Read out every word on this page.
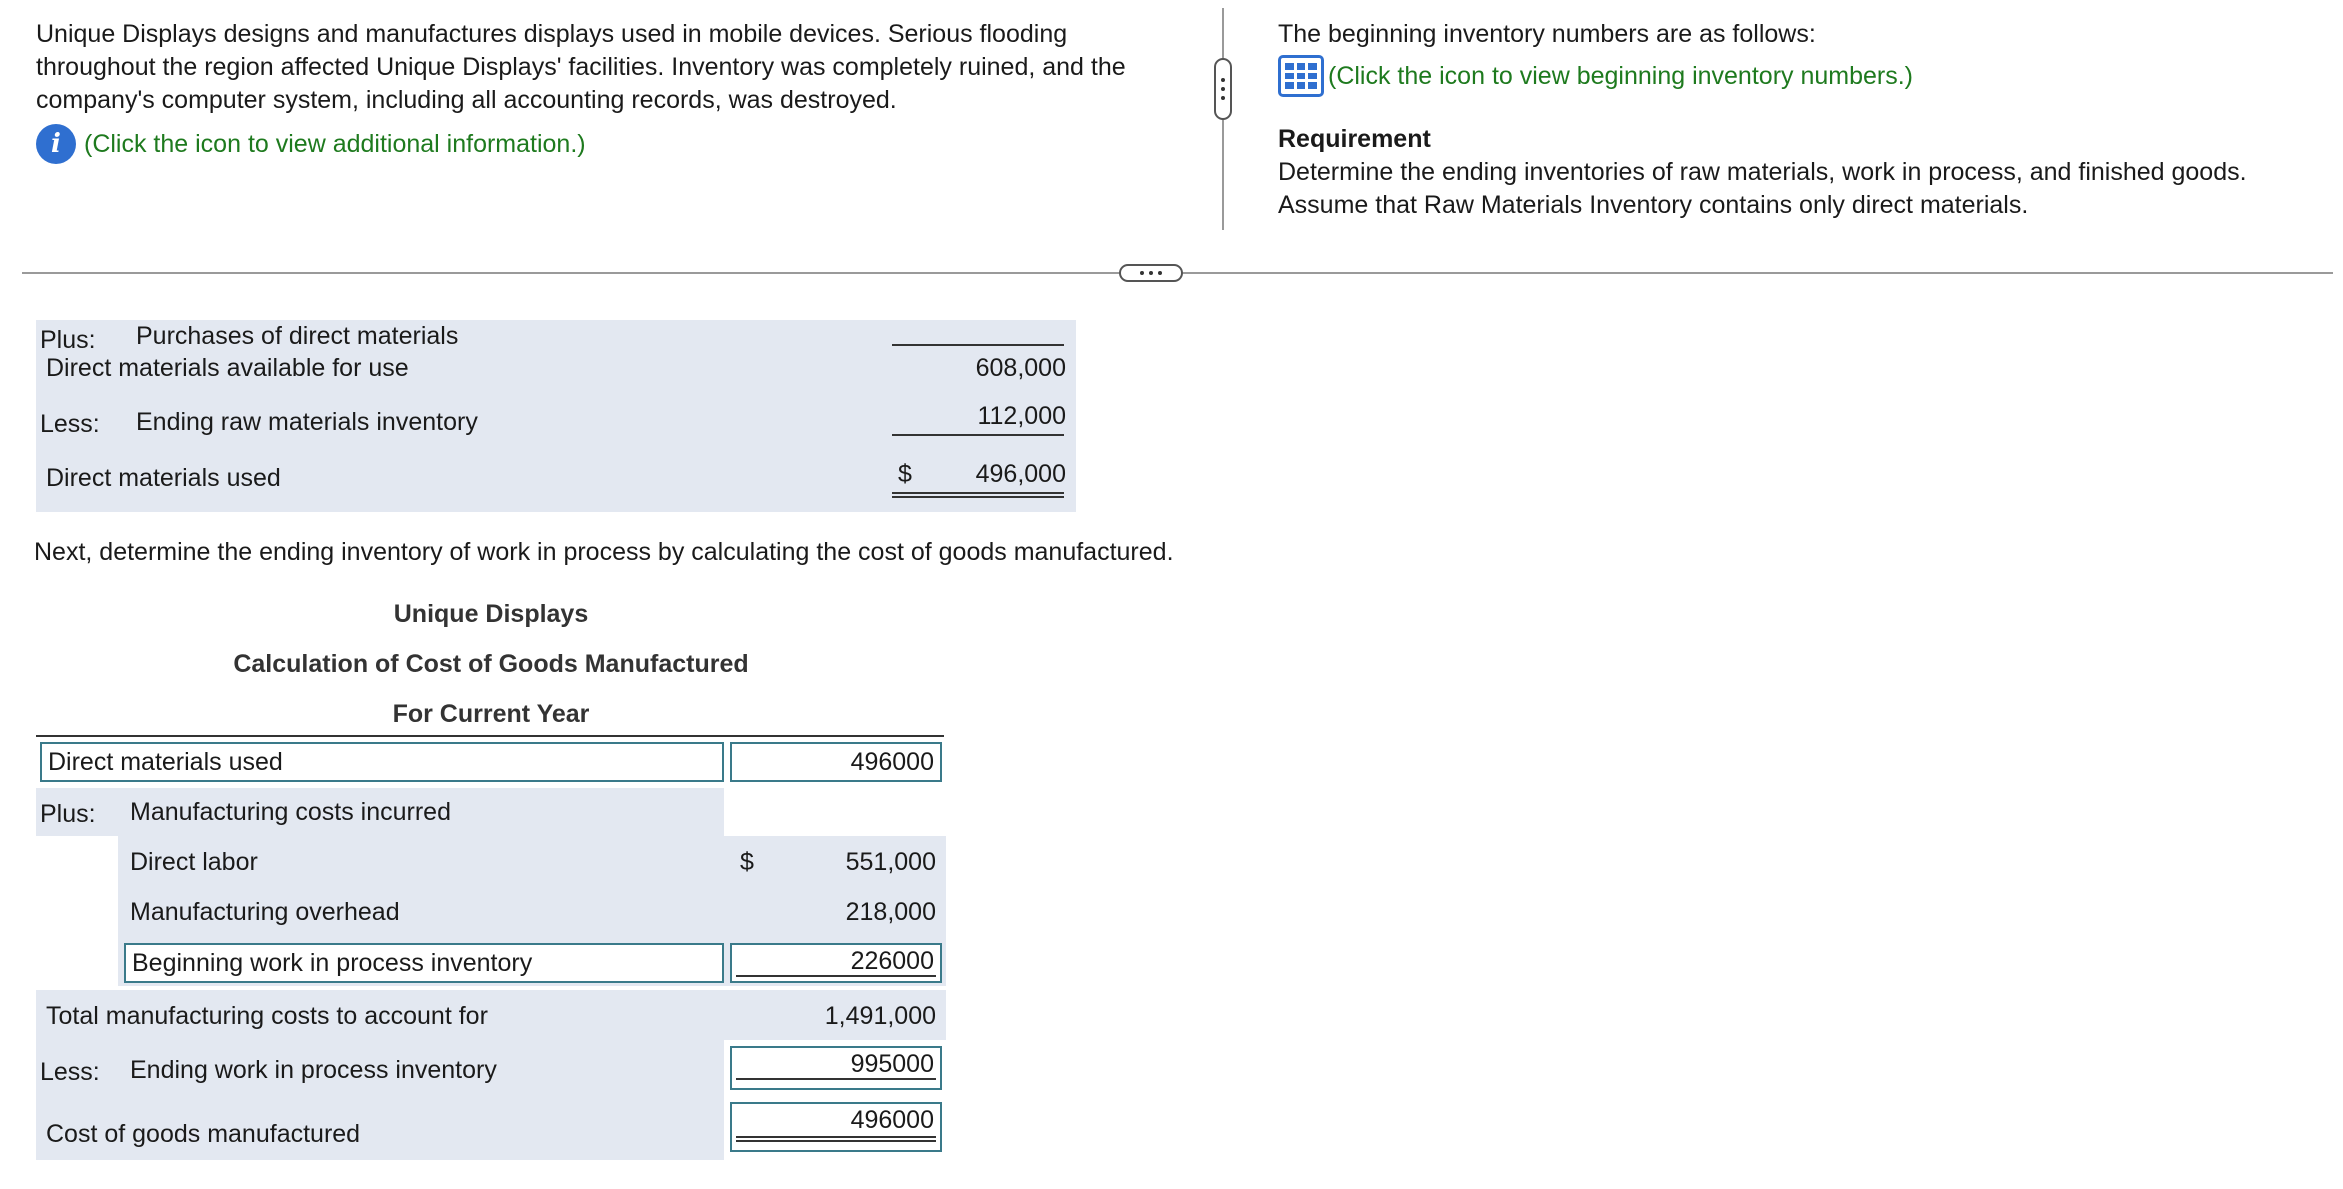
Unique Displays designs and manufactures displays used in mobile devices. Serious flooding throughout the region affected Unique Displays' facilities. Inventory was completely ruined, and the company's computer system, including all accounting records, was destroyed.
i (Click the icon to view additional information.)
The beginning inventory numbers are as follows:
(Click the icon to view beginning inventory numbers.)
Requirement
Determine the ending inventories of raw materials, work in process, and finished goods. Assume that Raw Materials Inventory contains only direct materials.
Plus: Purchases of direct materials
Direct materials available for use	608,000
Less: Ending raw materials inventory	112,000
Direct materials used	$	496,000
Next, determine the ending inventory of work in process by calculating the cost of goods manufactured.
Unique Displays
Calculation of Cost of Goods Manufactured
For Current Year
Direct materials used	496000
Plus: Manufacturing costs incurred
Direct labor	$	551,000
Manufacturing overhead	218,000
Beginning work in process inventory	226000
Total manufacturing costs to account for	1,491,000
Less: Ending work in process inventory	995000
Cost of goods manufactured	496000
